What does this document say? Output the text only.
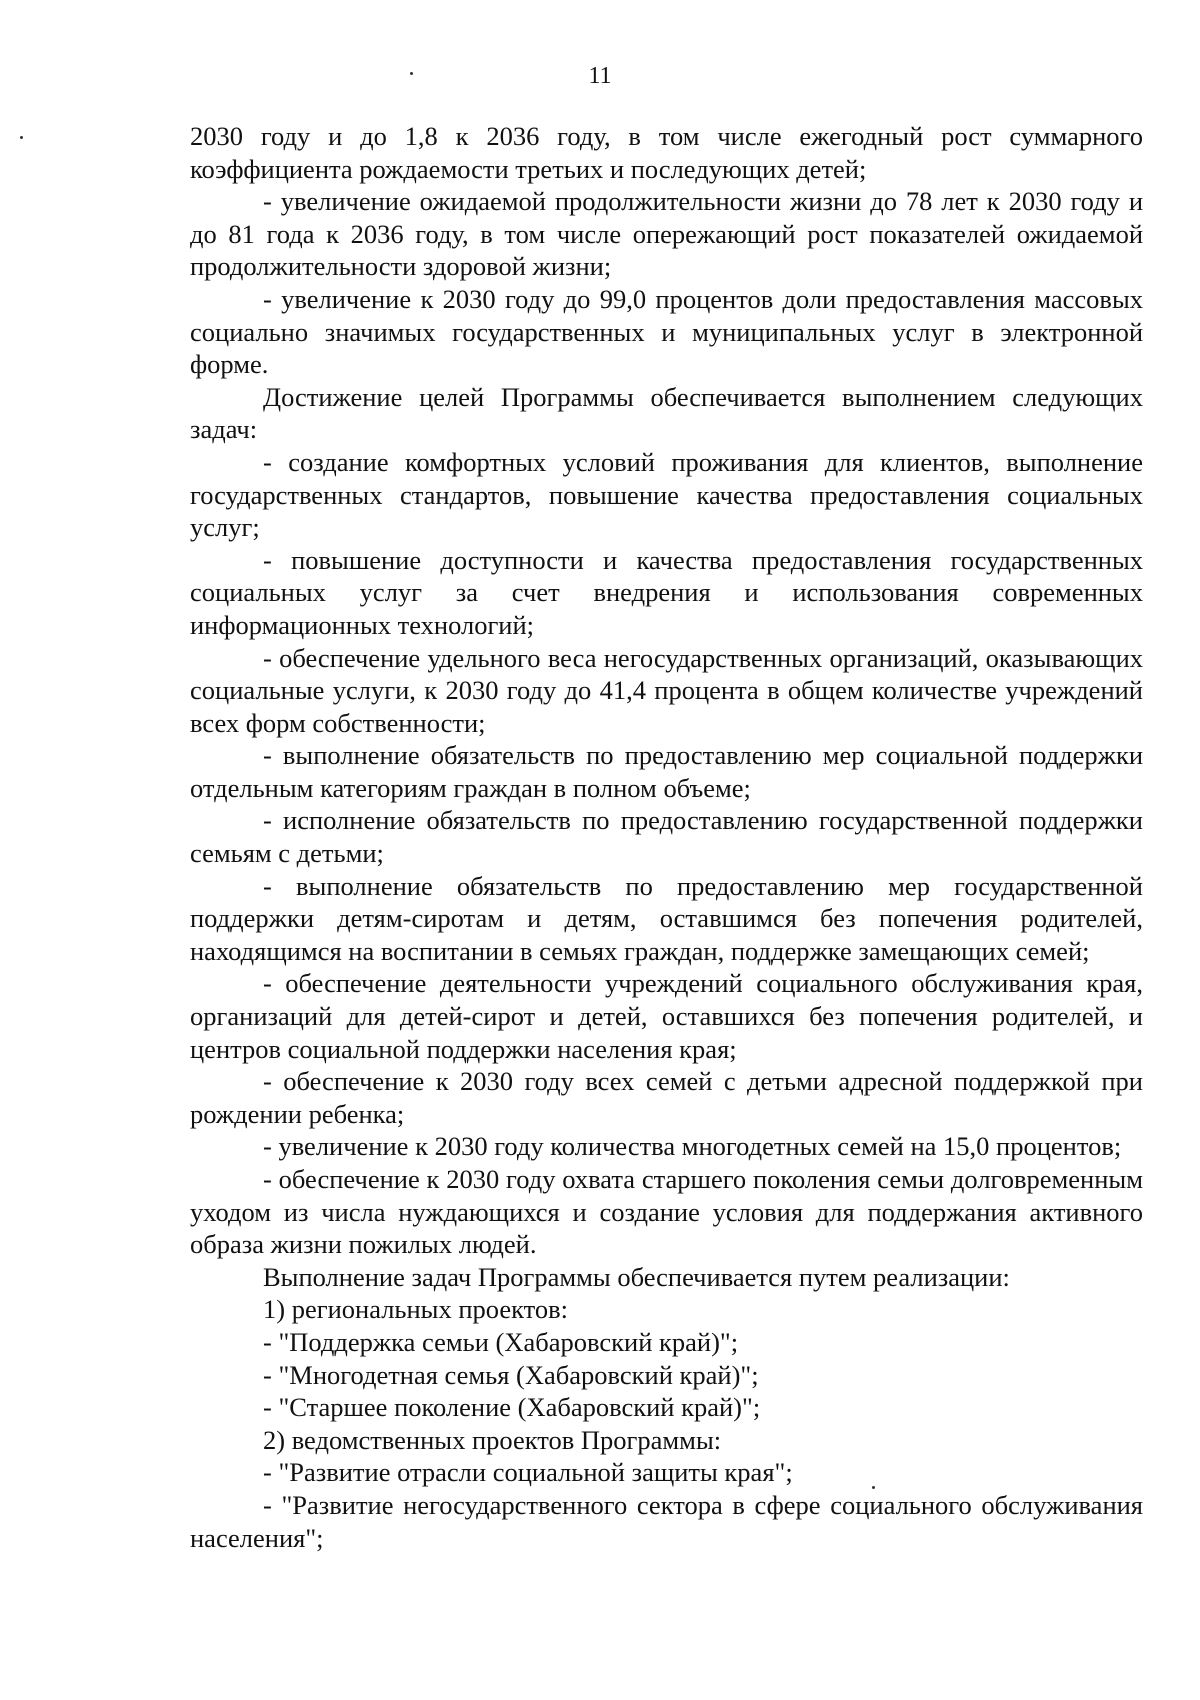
11

2030 году и до 1,8 к 2036 году, в том числе ежегодный рост суммарного коэффициента рождаемости третьих и последующих детей;

- увеличение ожидаемой продолжительности жизни до 78 лет к 2030 году и до 81 года к 2036 году, в том числе опережающий рост показателей ожидаемой продолжительности здоровой жизни;

- увеличение к 2030 году до 99,0 процентов доли предоставления массовых социально значимых государственных и муниципальных услуг в электронной форме.

Достижение целей Программы обеспечивается выполнением следующих задач:

- создание комфортных условий проживания для клиентов, выполнение государственных стандартов, повышение качества предоставления социальных услуг;

- повышение доступности и качества предоставления государственных социальных услуг за счет внедрения и использования современных информационных технологий;

- обеспечение удельного веса негосударственных организаций, оказывающих социальные услуги, к 2030 году до 41,4 процента в общем количестве учреждений всех форм собственности;

- выполнение обязательств по предоставлению мер социальной поддержки отдельным категориям граждан в полном объеме;

- исполнение обязательств по предоставлению государственной поддержки семьям с детьми;

- выполнение обязательств по предоставлению мер государственной поддержки детям-сиротам и детям, оставшимся без попечения родителей, находящимся на воспитании в семьях граждан, поддержке замещающих семей;

- обеспечение деятельности учреждений социального обслуживания края, организаций для детей-сирот и детей, оставшихся без попечения родителей, и центров социальной поддержки населения края;

- обеспечение к 2030 году всех семей с детьми адресной поддержкой при рождении ребенка;

- увеличение к 2030 году количества многодетных семей на 15,0 процентов;

- обеспечение к 2030 году охвата старшего поколения семьи долговременным уходом из числа нуждающихся и создание условия для поддержания активного образа жизни пожилых людей.

Выполнение задач Программы обеспечивается путем реализации:

1) региональных проектов:

- "Поддержка семьи (Хабаровский край)";

- "Многодетная семья (Хабаровский край)";

- "Старшее поколение (Хабаровский край)";

2) ведомственных проектов Программы:

- "Развитие отрасли социальной защиты края";

- "Развитие негосударственного сектора в сфере социального обслуживания населения";
